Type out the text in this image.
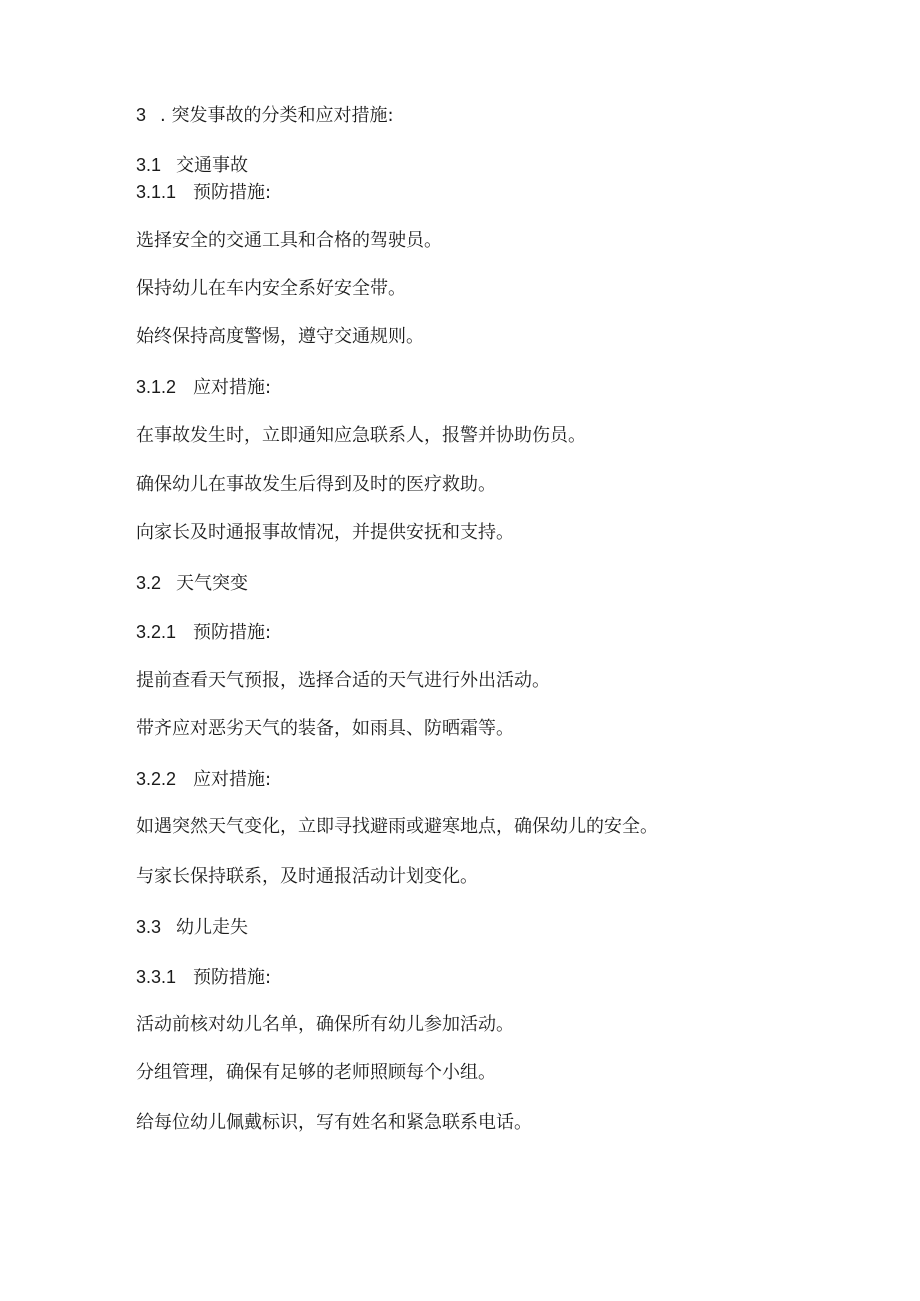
3 . 突发事故的分类和应对措施:
3.1 交通事故
3.1.1 预防措施:
选择安全的交通工具和合格的驾驶员。
保持幼儿在车内安全系好安全带。
始终保持高度警惕，遵守交通规则。
3.1.2 应对措施:
在事故发生时，立即通知应急联系人，报警并协助伤员。
确保幼儿在事故发生后得到及时的医疗救助。
向家长及时通报事故情况，并提供安抚和支持。
3.2 天气突变
3.2.1 预防措施:
提前查看天气预报，选择合适的天气进行外出活动。
带齐应对恶劣天气的装备，如雨具、防晒霜等。
3.2.2 应对措施:
如遇突然天气变化，立即寻找避雨或避寒地点，确保幼儿的安全。
与家长保持联系，及时通报活动计划变化。
3.3 幼儿走失
3.3.1 预防措施:
活动前核对幼儿名单，确保所有幼儿参加活动。
分组管理，确保有足够的老师照顾每个小组。
给每位幼儿佩戴标识，写有姓名和紧急联系电话。
